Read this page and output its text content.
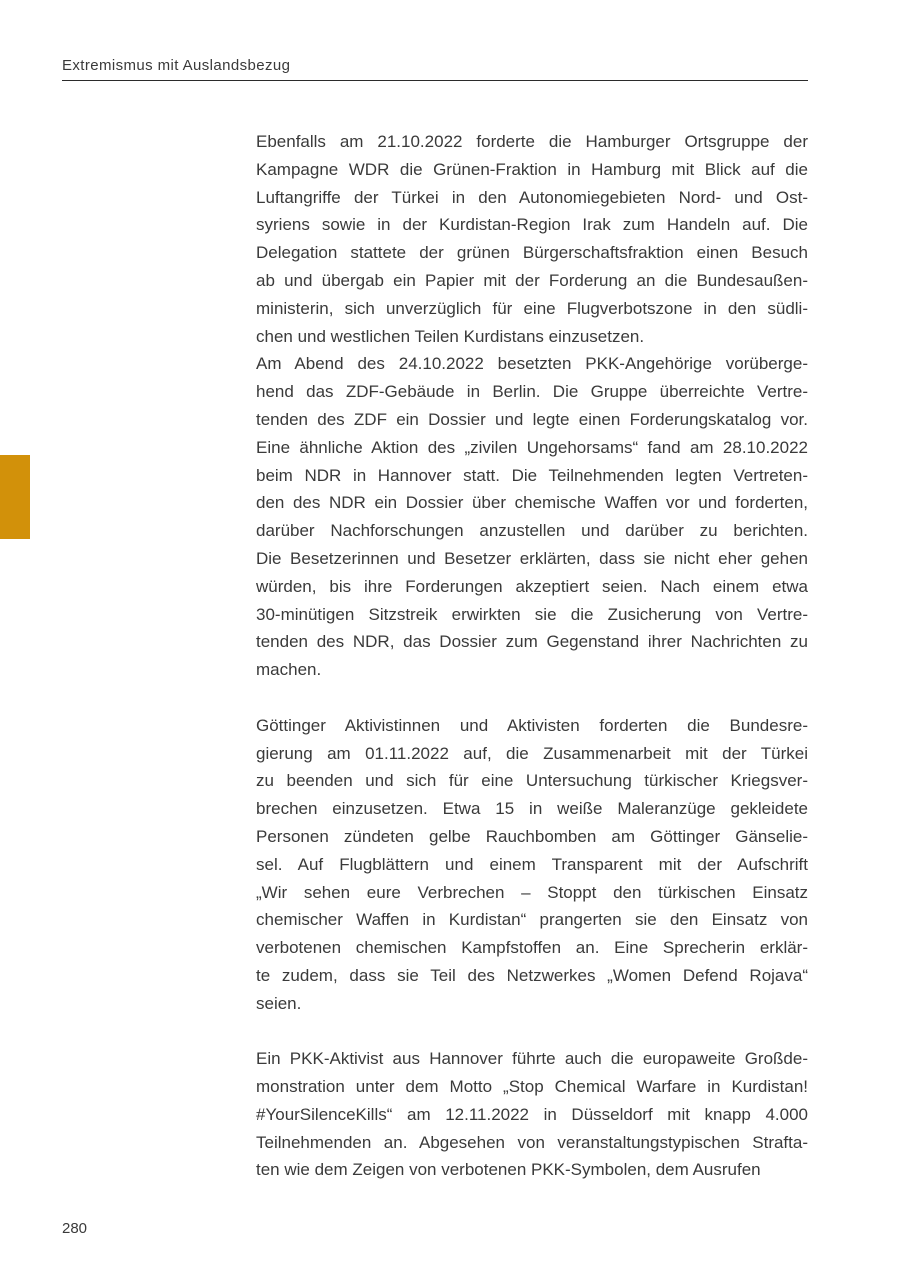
Extremismus mit Auslandsbezug
Ebenfalls am 21.10.2022 forderte die Hamburger Ortsgruppe der
Kampagne WDR die Grünen-Fraktion in Hamburg mit Blick auf die
Luftangriffe der Türkei in den Autonomiegebieten Nord- und Ost-
syriens sowie in der Kurdistan-Region Irak zum Handeln auf. Die
Delegation stattete der grünen Bürgerschaftsfraktion einen Besuch
ab und übergab ein Papier mit der Forderung an die Bundesaußen-
ministerin, sich unverzüglich für eine Flugverbotszone in den südli-
chen und westlichen Teilen Kurdistans einzusetzen.
Am Abend des 24.10.2022 besetzten PKK-Angehörige vorüberge-
hend das ZDF-Gebäude in Berlin. Die Gruppe überreichte Vertre-
tenden des ZDF ein Dossier und legte einen Forderungskatalog vor.
Eine ähnliche Aktion des „zivilen Ungehorsams“ fand am 28.10.2022
beim NDR in Hannover statt. Die Teilnehmenden legten Vertreten-
den des NDR ein Dossier über chemische Waffen vor und forderten,
darüber Nachforschungen anzustellen und darüber zu berichten.
Die Besetzerinnen und Besetzer erklärten, dass sie nicht eher gehen
würden, bis ihre Forderungen akzeptiert seien. Nach einem etwa
30-minütigen Sitzstreik erwirkten sie die Zusicherung von Vertre-
tenden des NDR, das Dossier zum Gegenstand ihrer Nachrichten zu
machen.
Göttinger Aktivistinnen und Aktivisten forderten die Bundesre-
gierung am 01.11.2022 auf, die Zusammenarbeit mit der Türkei
zu beenden und sich für eine Untersuchung türkischer Kriegsver-
brechen einzusetzen. Etwa 15 in weiße Maleranzüge gekleidete
Personen zündeten gelbe Rauchbomben am Göttinger Gänselie-
sel. Auf Flugblättern und einem Transparent mit der Aufschrift
„Wir sehen eure Verbrechen – Stoppt den türkischen Einsatz
chemischer Waffen in Kurdistan“ prangerten sie den Einsatz von
verbotenen chemischen Kampfstoffen an. Eine Sprecherin erklär-
te zudem, dass sie Teil des Netzwerkes „Women Defend Rojava“
seien.
Ein PKK-Aktivist aus Hannover führte auch die europaweite Großde-
monstration unter dem Motto „Stop Chemical Warfare in Kurdistan!
#YourSilenceKills“ am 12.11.2022 in Düsseldorf mit knapp 4.000
Teilnehmenden an. Abgesehen von veranstaltungstypischen Strafta-
ten wie dem Zeigen von verbotenen PKK-Symbolen, dem Ausrufen
280
